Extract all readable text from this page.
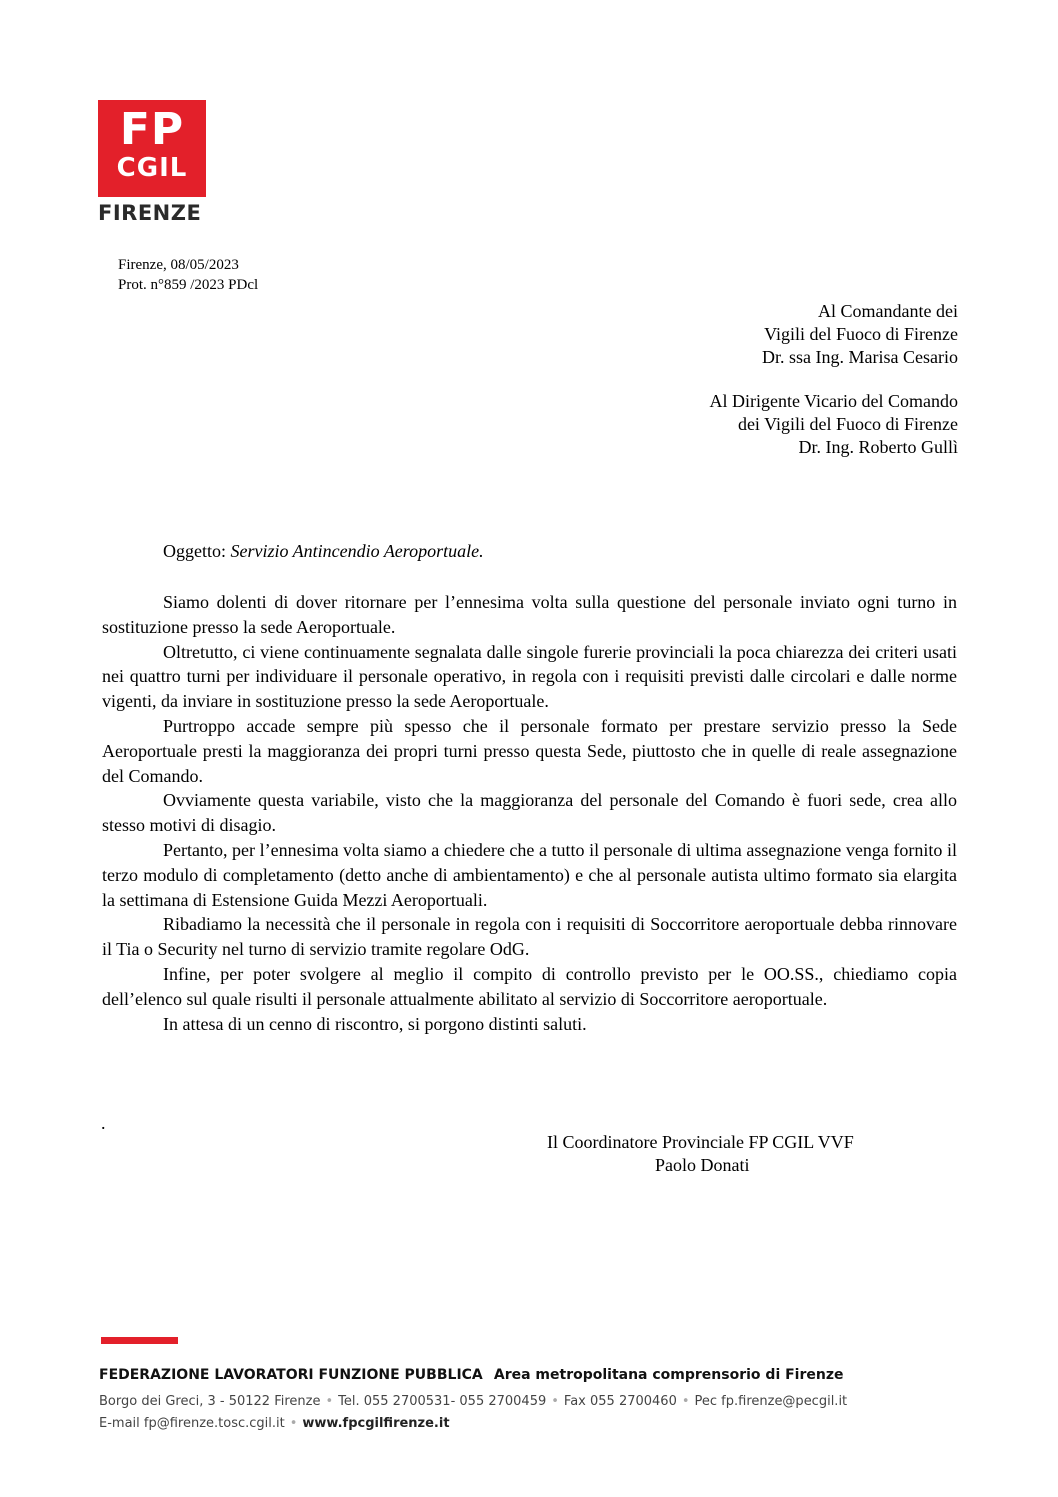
FP
CGIL
FIRENZE
Firenze, 08/05/2023
Prot. n°859 /2023 PDcl
Al Comandante dei
Vigili del Fuoco di Firenze
Dr. ssa Ing. Marisa Cesario
Al Dirigente Vicario del Comando
dei Vigili del Fuoco di Firenze
Dr. Ing. Roberto Gullì
Oggetto: Servizio Antincendio Aeroportuale.

Siamo dolenti di dover ritornare per l’ennesima volta sulla questione del personale inviato ogni turno in sostituzione presso la sede Aeroportuale.

Oltretutto, ci viene continuamente segnalata dalle singole furerie provinciali la poca chiarezza dei criteri usati nei quattro turni per individuare il personale operativo, in regola con i requisiti previsti dalle circolari e dalle norme vigenti, da inviare in sostituzione presso la sede Aeroportuale.

Purtroppo accade sempre più spesso che il personale formato per prestare servizio presso la Sede Aeroportuale presti la maggioranza dei propri turni presso questa Sede, piuttosto che in quelle di reale assegnazione del Comando.

Ovviamente questa variabile, visto che la maggioranza del personale del Comando è fuori sede, crea allo stesso motivi di disagio.

Pertanto, per l’ennesima volta siamo a chiedere che a tutto il personale di ultima assegnazione venga fornito il terzo modulo di completamento (detto anche di ambientamento) e che al personale autista ultimo formato sia elargita la settimana di Estensione Guida Mezzi Aeroportuali.

Ribadiamo la necessità che il personale in regola con i requisiti di Soccorritore aeroportuale debba rinnovare il Tia o Security nel turno di servizio tramite regolare OdG.

Infine, per poter svolgere al meglio il compito di controllo previsto per le OO.SS., chiediamo copia dell’elenco sul quale risulti il personale attualmente abilitato al servizio di Soccorritore aeroportuale.

In attesa di un cenno di riscontro, si porgono distinti saluti.

.
Il Coordinatore Provinciale FP CGIL VVF
Paolo Donati
FEDERAZIONE LAVORATORI FUNZIONE PUBBLICA Area metropolitana comprensorio di Firenze
Borgo dei Greci, 3 - 50122 Firenze • Tel. 055 2700531- 055 2700459 • Fax 055 2700460 • Pec fp.firenze@pecgil.it
E-mail fp@firenze.tosc.cgil.it • www.fpcgilfirenze.it
